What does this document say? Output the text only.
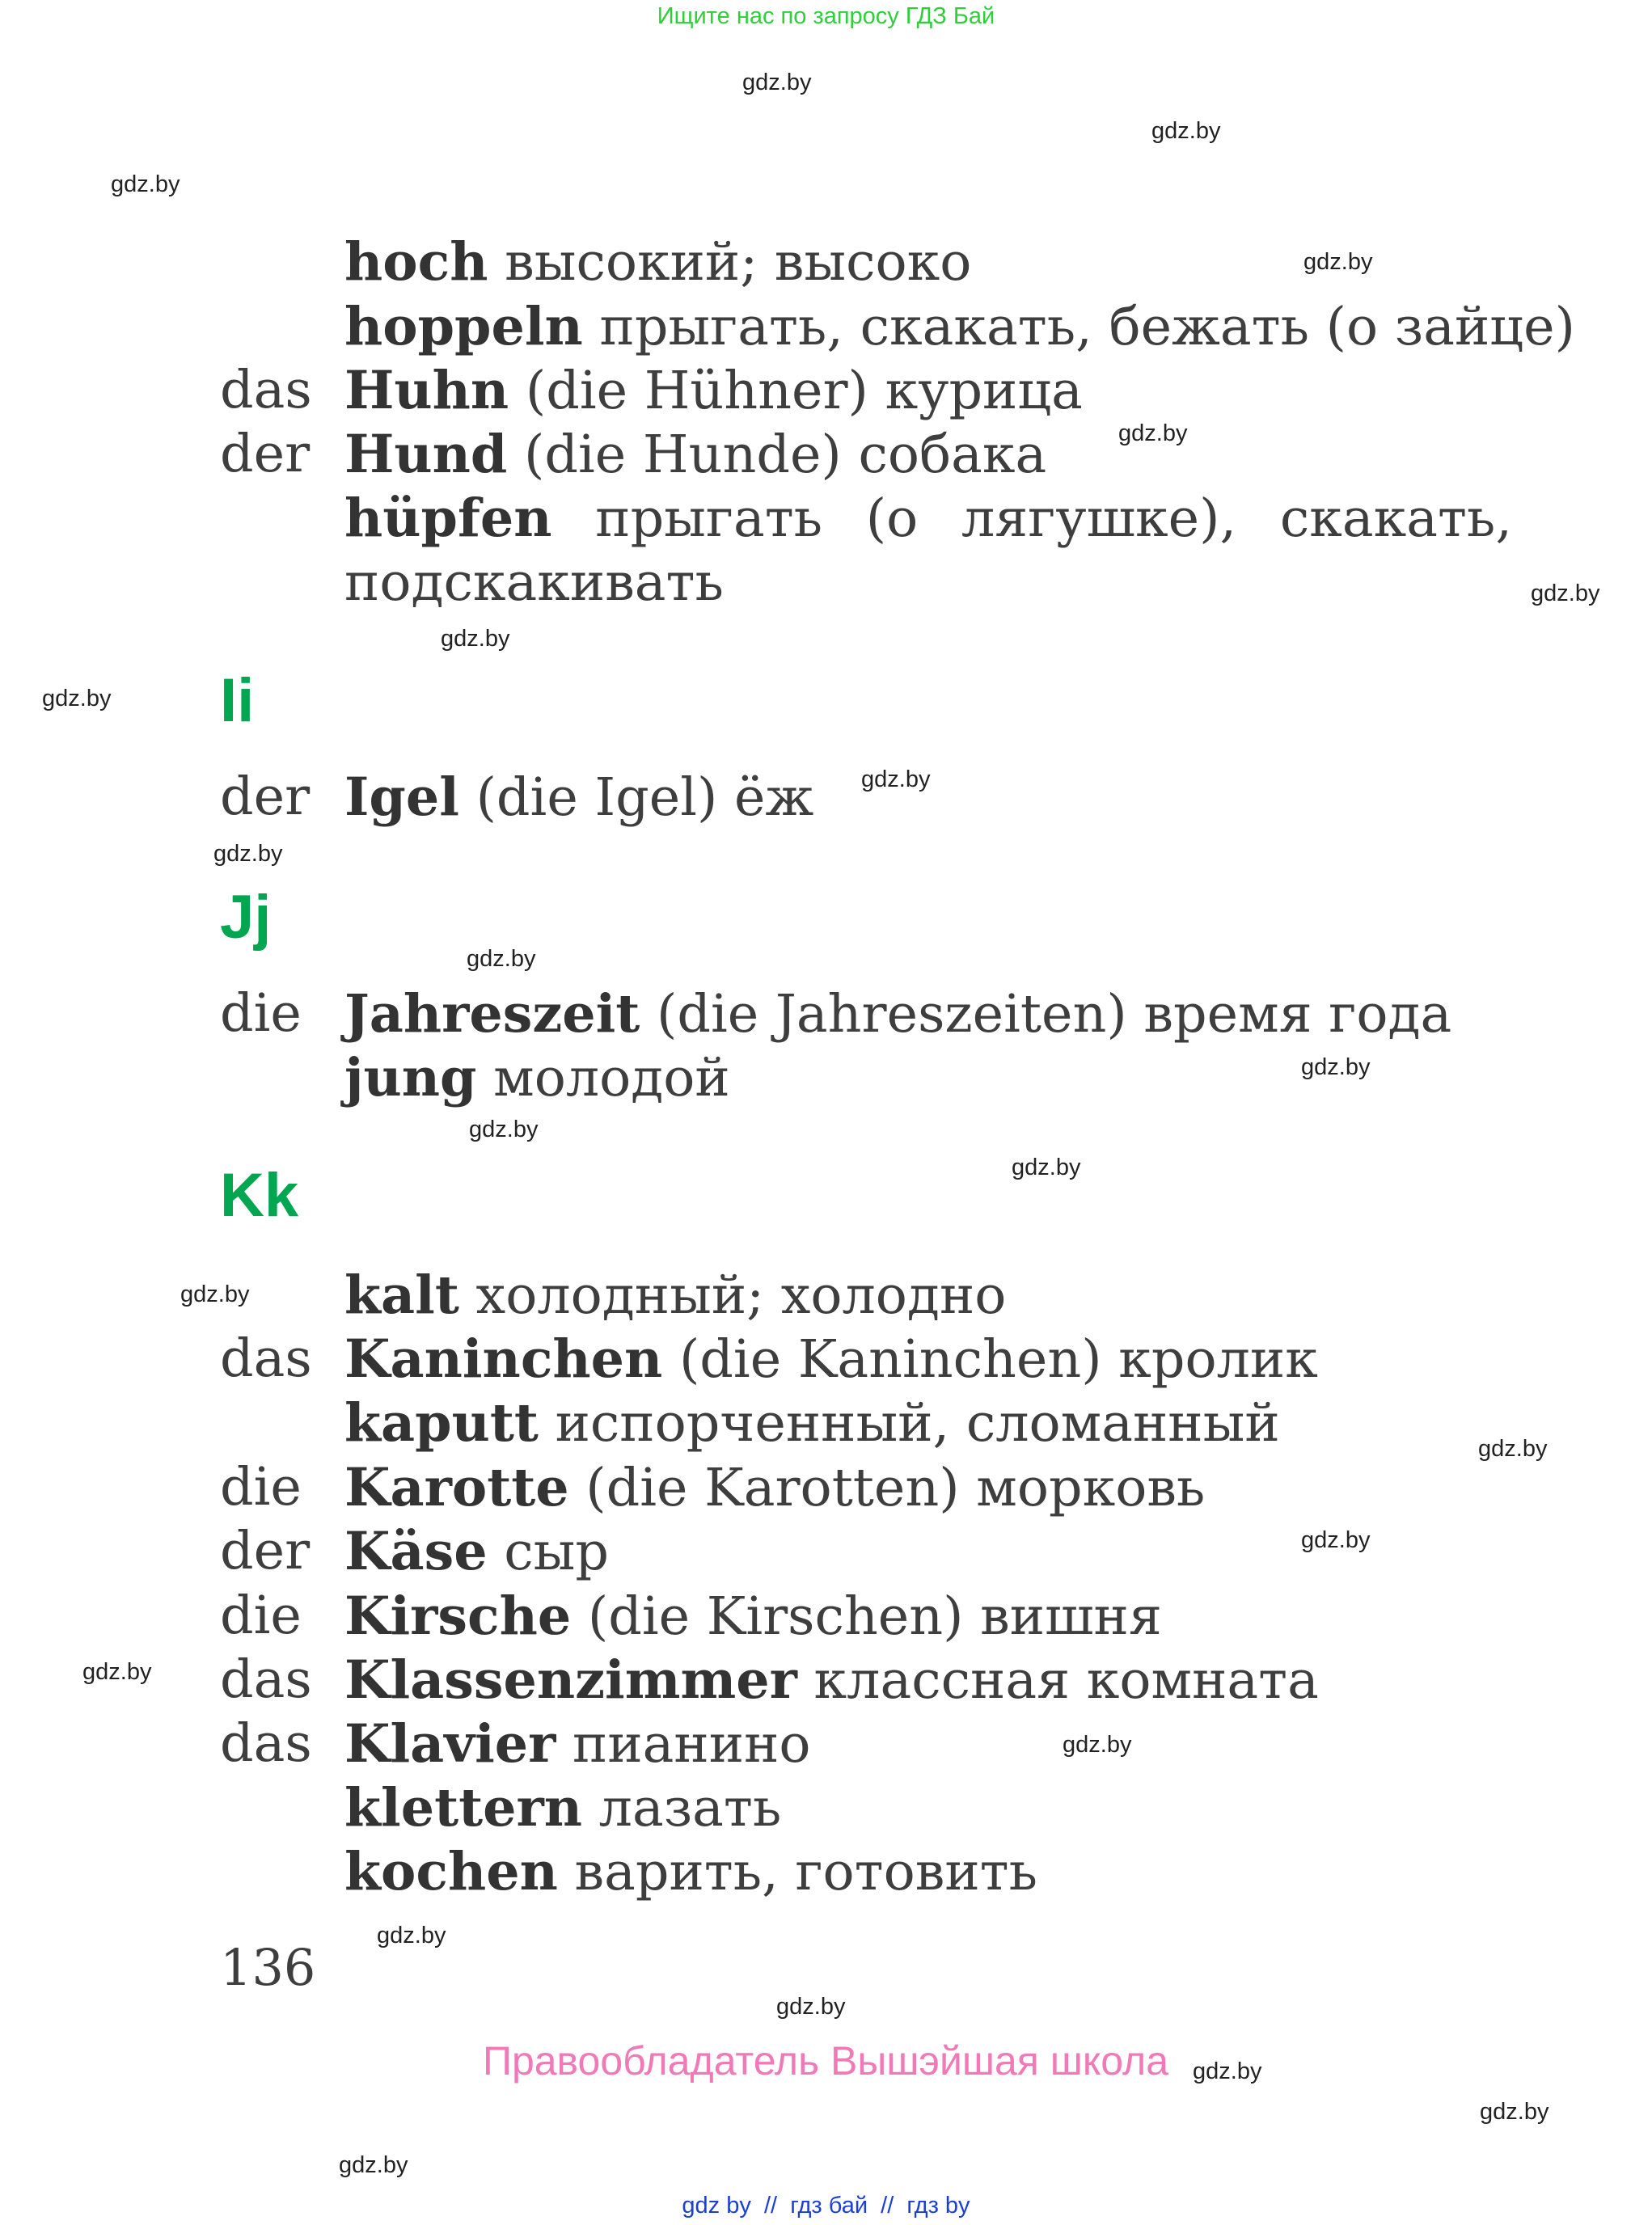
Ищите нас по запросу ГДЗ Бай
gdz.by
gdz.by
gdz.by
gdz.by
gdz.by
gdz.by
gdz.by
gdz.by
gdz.by
gdz.by
gdz.by
gdz.by
gdz.by
gdz.by
gdz.by
gdz.by
gdz.by
gdz.by
gdz.by
gdz.by
gdz.by
gdz.by
gdz.by
gdz.by
hoch высокий; высоко
hoppeln прыгать, скакать, бежать (о зайце)
das Huhn (die Hühner) курица
der Hund (die Hunde) собака
hüpfen прыгать (о лягушке), скакать,
подскакивать
Ii
der Igel (die Igel) ёж
Jj
die Jahreszeit (die Jahreszeiten) время года
jung молодой
Kk
kalt холодный; холодно
das Kaninchen (die Kaninchen) кролик
kaputt испорченный, сломанный
die Karotte (die Karotten) морковь
der Käse сыр
die Kirsche (die Kirschen) вишня
das Klassenzimmer классная комната
das Klavier пианино
klettern лазать
kochen варить, готовить
136
Правообладатель Вышэйшая школа
gdz by  //  гдз бай  //  гдз by
